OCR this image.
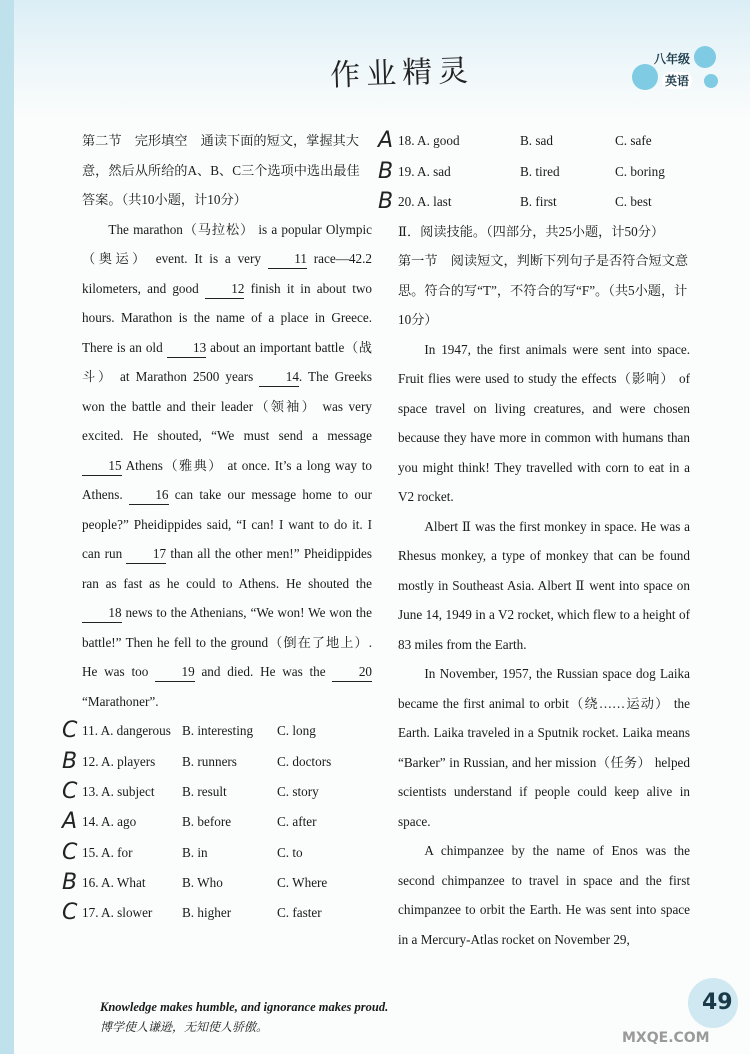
作业精灵	八年级
英语

第二节　完形填空　通读下面的短文，掌握其大意，然后从所给的A、B、C三个选项中选出最佳答案。（共10小题，计10分）

The marathon（马拉松） is a popular Olympic（奥运） event. It is a very 11 race—42.2 kilometers, and good 12 finish it in about two hours. Marathon is the name of a place in Greece. There is an old 13 about an important battle（战斗） at Marathon 2500 years 14. The Greeks won the battle and their leader（领袖） was very excited. He shouted, “We must send a message 15 Athens（雅典） at once. It’s a long way to Athens. 16 can take our message home to our people?” Pheidippides said, “I can! I want to do it. I can run 17 than all the other men!” Pheidippides ran as fast as he could to Athens. He shouted the 18 news to the Athenians, “We won! We won the battle!” Then he fell to the ground（倒在了地上）. He was too 19 and died. He was the 20 “Marathoner”.

C 11. A. dangerous B. interesting	C. long
B 12. A. players	B. runners	C. doctors
C 13. A. subject	B. result	C. story
A 14. A. ago	B. before	C. after
C 15. A. for	B. in	C. to
B 16. A. What	B. Who	C. Where
C 17. A. slower	B. higher	C. faster
A 18. A. good	B. sad	C. safe
B 19. A. sad	B. tired	C. boring
B 20. A. last	B. first	C. best

Ⅱ．阅读技能。（四部分，共25小题，计50分）

第一节　阅读短文，判断下列句子是否符合短文意思。符合的写“T”，不符合的写“F”。（共5小题，计10分）

In 1947, the first animals were sent into space. Fruit flies were used to study the effects（影响） of space travel on living creatures, and were chosen because they have more in common with humans than you might think! They travelled with corn to eat in a V2 rocket.

Albert Ⅱ was the first monkey in space. He was a Rhesus monkey, a type of monkey that can be found mostly in Southeast Asia. Albert Ⅱ went into space on June 14, 1949 in a V2 rocket, which flew to a height of 83 miles from the Earth.

In November, 1957, the Russian space dog Laika became the first animal to orbit（绕……运动） the Earth. Laika traveled in a Sputnik rocket. Laika means “Barker” in Russian, and her mission（任务） helped scientists understand if people could keep alive in space.

A chimpanzee by the name of Enos was the second chimpanzee to travel in space and the first chimpanzee to orbit the Earth. He was sent into space in a Mercury-Atlas rocket on November 29,

Knowledge makes humble, and ignorance makes proud.
博学使人谦逊，无知使人骄傲。
49
MXQE.COM
